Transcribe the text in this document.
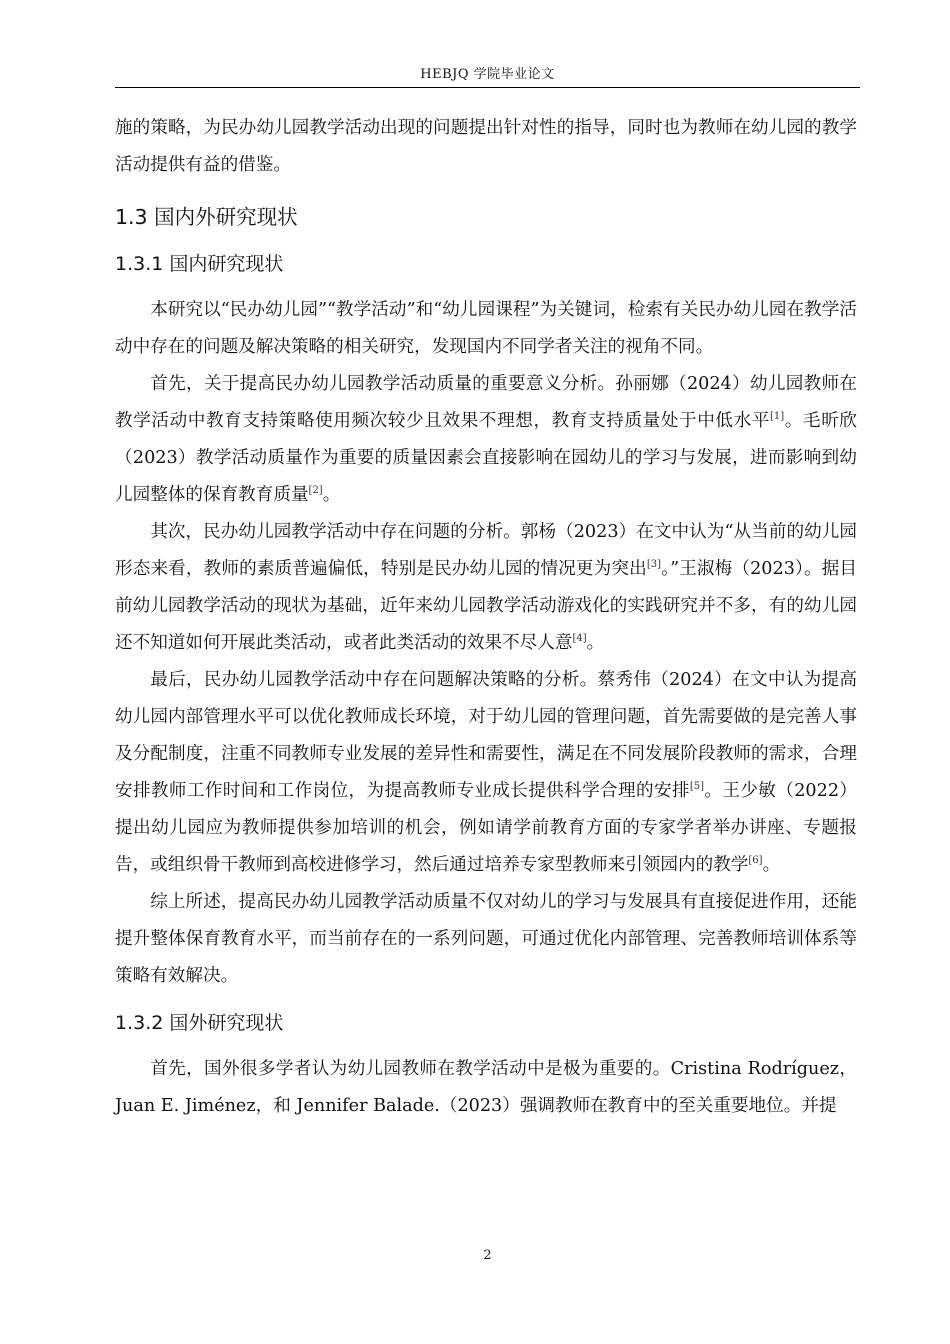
HEBJQ 学院毕业论文

施的策略，为民办幼儿园教学活动出现的问题提出针对性的指导，同时也为教师在幼儿园的教学活动提供有益的借鉴。

1.3 国内外研究现状
1.3.1 国内研究现状

本研究以“民办幼儿园”“教学活动”和“幼儿园课程”为关键词，检索有关民办幼儿园在教学活动中存在的问题及解决策略的相关研究，发现国内不同学者关注的视角不同。

首先，关于提高民办幼儿园教学活动质量的重要意义分析。孙丽娜（2024）幼儿园教师在教学活动中教育支持策略使用频次较少且效果不理想，教育支持质量处于中低水平[1]。毛昕欣（2023）教学活动质量作为重要的质量因素会直接影响在园幼儿的学习与发展，进而影响到幼儿园整体的保育教育质量[2]。

其次，民办幼儿园教学活动中存在问题的分析。郭杨（2023）在文中认为“从当前的幼儿园形态来看，教师的素质普遍偏低，特别是民办幼儿园的情况更为突出[3]。”王淑梅（2023）。据目前幼儿园教学活动的现状为基础，近年来幼儿园教学活动游戏化的实践研究并不多，有的幼儿园还不知道如何开展此类活动，或者此类活动的效果不尽人意[4]。

最后，民办幼儿园教学活动中存在问题解决策略的分析。蔡秀伟（2024）在文中认为提高幼儿园内部管理水平可以优化教师成长环境，对于幼儿园的管理问题，首先需要做的是完善人事及分配制度，注重不同教师专业发展的差异性和需要性，满足在不同发展阶段教师的需求，合理安排教师工作时间和工作岗位，为提高教师专业成长提供科学合理的安排[5]。王少敏（2022）提出幼儿园应为教师提供参加培训的机会，例如请学前教育方面的专家学者举办讲座、专题报告，或组织骨干教师到高校进修学习，然后通过培养专家型教师来引领园内的教学[6]。

综上所述，提高民办幼儿园教学活动质量不仅对幼儿的学习与发展具有直接促进作用，还能提升整体保育教育水平，而当前存在的一系列问题，可通过优化内部管理、完善教师培训体系等策略有效解决。

1.3.2 国外研究现状

首先，国外很多学者认为幼儿园教师在教学活动中是极为重要的。Cristina Rodríguez，Juan E. Jiménez，和 Jennifer Balade.（2023）强调教师在教育中的至关重要地位。并提

2
